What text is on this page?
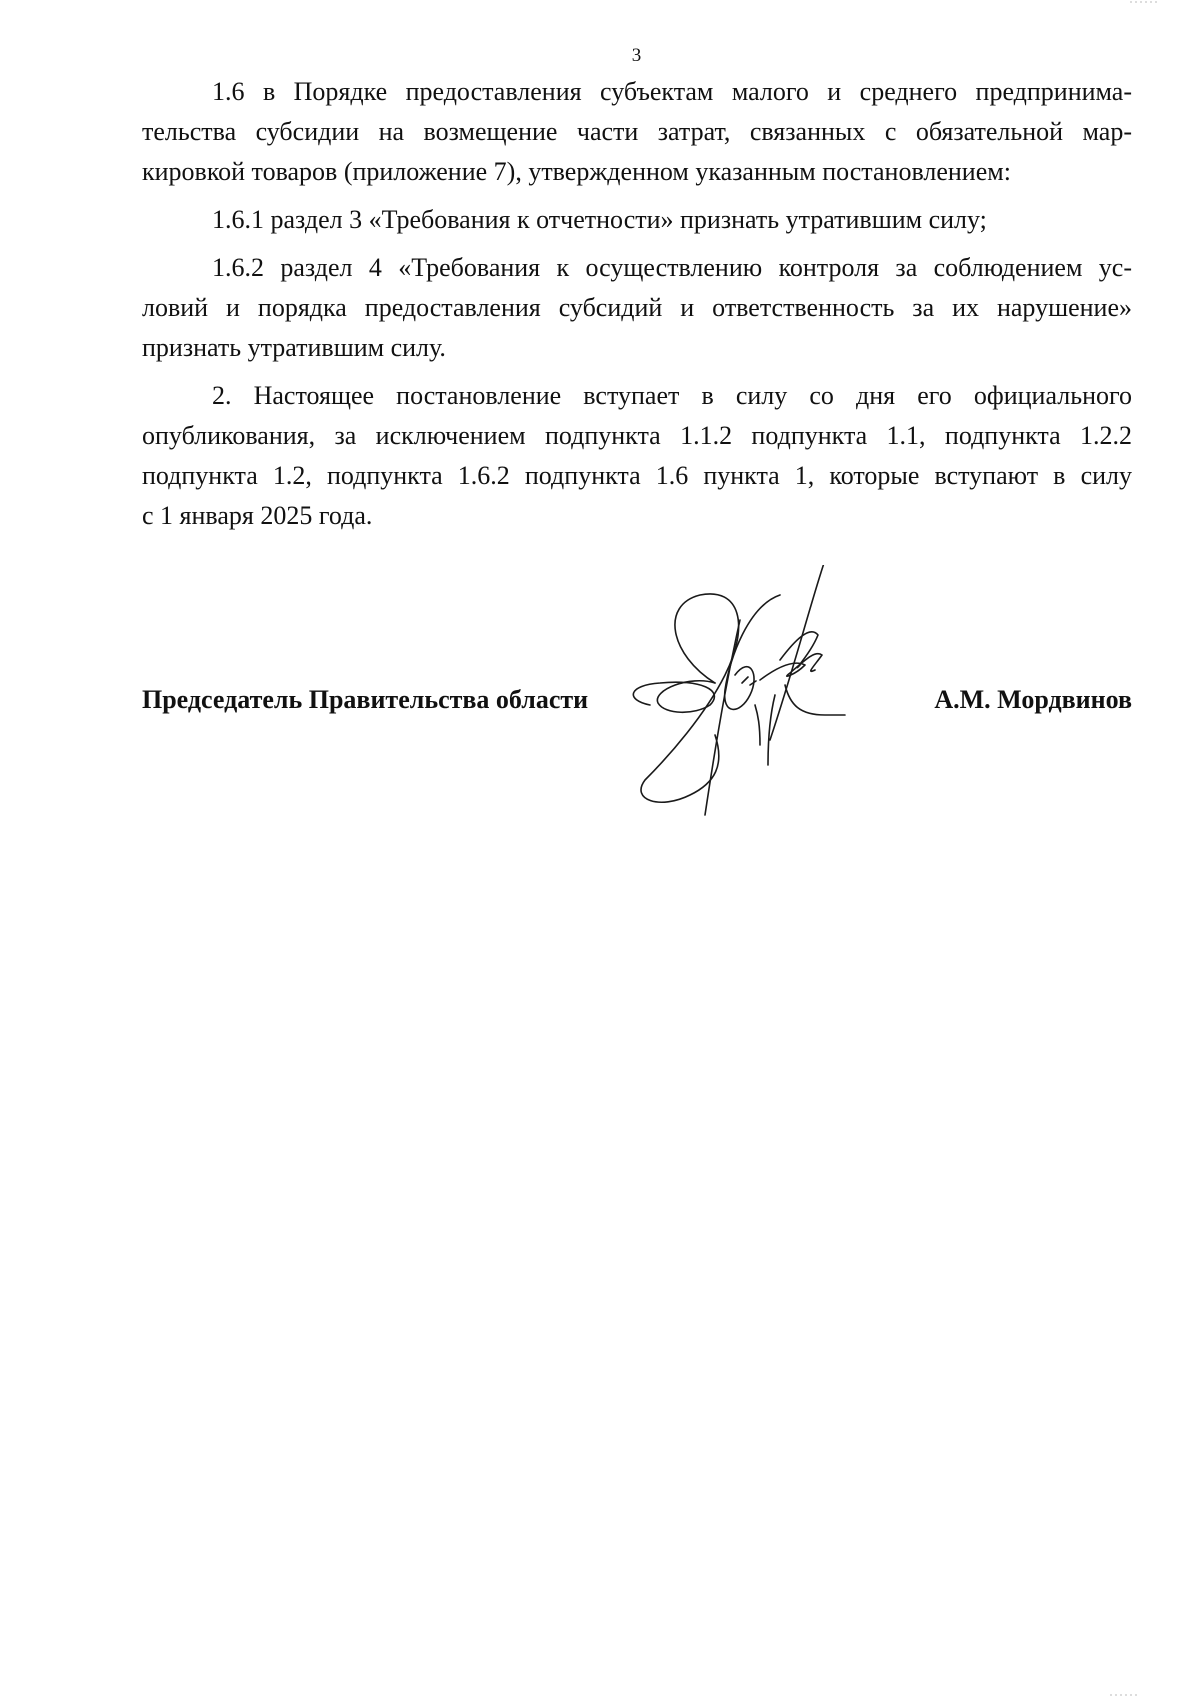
3

1.6 в Порядке предоставления субъектам малого и среднего предпринима-
тельства субсидии на возмещение части затрат, связанных с обязательной мар-
кировкой товаров (приложение 7), утвержденном указанным постановлением:

1.6.1 раздел 3 «Требования к отчетности» признать утратившим силу;

1.6.2 раздел 4 «Требования к осуществлению контроля за соблюдением ус-
ловий и порядка предоставления субсидий и ответственность за их нарушение»
признать утратившим силу.

2. Настоящее постановление вступает в силу со дня его официального
опубликования, за исключением подпункта 1.1.2 подпункта 1.1, подпункта 1.2.2
подпункта 1.2, подпункта 1.6.2 подпункта 1.6 пункта 1, которые вступают в силу
с 1 января 2025 года.

Председатель Правительства области	А.М. Мордвинов
